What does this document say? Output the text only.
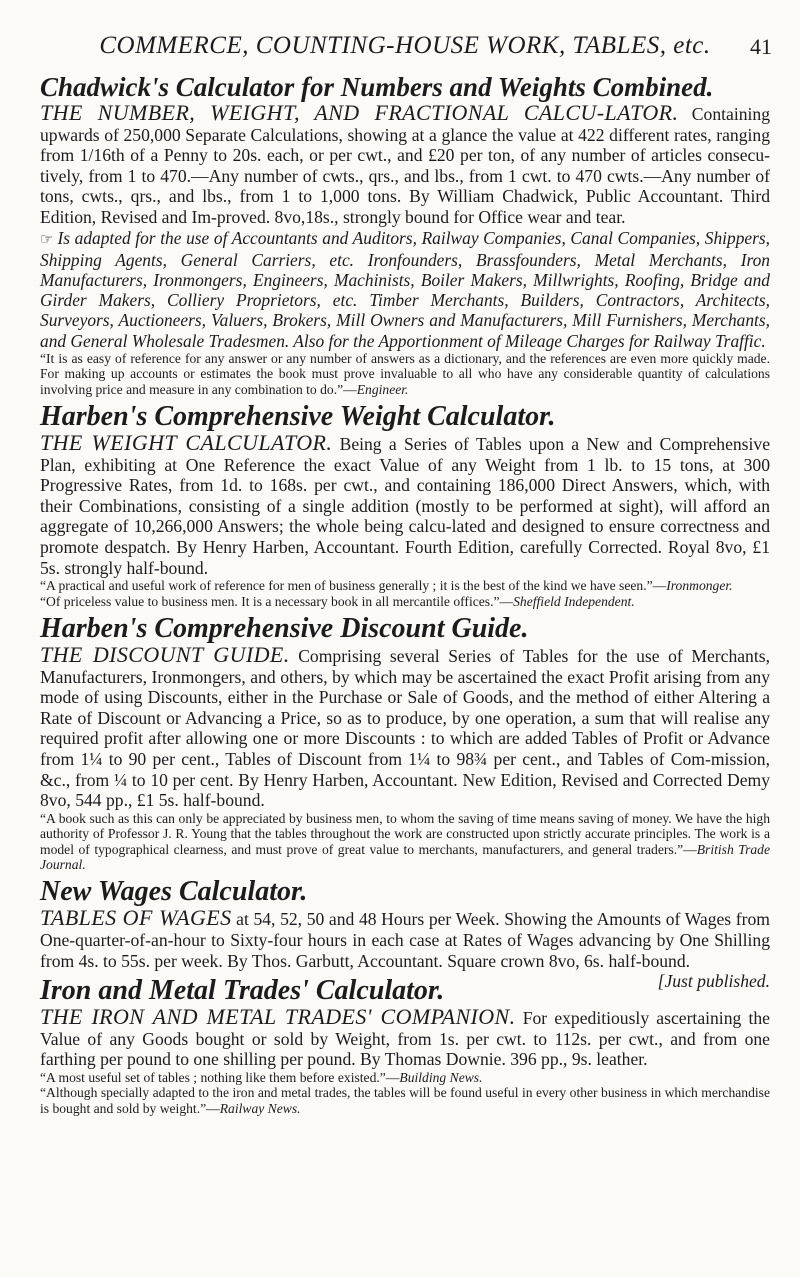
COMMERCE, COUNTING-HOUSE WORK, TABLES, etc.	41
Chadwick's Calculator for Numbers and Weights Combined.

THE NUMBER, WEIGHT, AND FRACTIONAL CALCU-LATOR. Containing upwards of 250,000 Separate Calculations, showing at a glance the value at 422 different rates, ranging from 1/16th of a Penny to 20s. each, or per cwt., and £20 per ton, of any number of articles consecu-tively, from 1 to 470.—Any number of cwts., qrs., and lbs., from 1 cwt. to 470 cwts.—Any number of tons, cwts., qrs., and lbs., from 1 to 1,000 tons. By William Chadwick, Public Accountant. Third Edition, Revised and Im-proved. 8vo,18s., strongly bound for Office wear and tear.

☞ Is adapted for the use of Accountants and Auditors, Railway Companies, Canal Companies, Shippers, Shipping Agents, General Carriers, etc. Ironfounders, Brassfounders, Metal Merchants, Iron Manufacturers, Ironmongers, Engineers, Machinists, Boiler Makers, Millwrights, Roofing, Bridge and Girder Makers, Colliery Proprietors, etc. Timber Merchants, Builders, Contractors, Architects, Surveyors, Auctioneers, Valuers, Brokers, Mill Owners and Manufacturers, Mill Furnishers, Merchants, and General Wholesale Tradesmen. Also for the Apportionment of Mileage Charges for Railway Traffic.

“It is as easy of reference for any answer or any number of answers as a dictionary, and the references are even more quickly made. For making up accounts or estimates the book must prove invaluable to all who have any considerable quantity of calculations involving price and measure in any combination to do.”—Engineer.

Harben's Comprehensive Weight Calculator.

THE WEIGHT CALCULATOR. Being a Series of Tables upon a New and Comprehensive Plan, exhibiting at One Reference the exact Value of any Weight from 1 lb. to 15 tons, at 300 Progressive Rates, from 1d. to 168s. per cwt., and containing 186,000 Direct Answers, which, with their Combinations, consisting of a single addition (mostly to be performed at sight), will afford an aggregate of 10,266,000 Answers; the whole being calcu-lated and designed to ensure correctness and promote despatch. By Henry Harben, Accountant. Fourth Edition, carefully Corrected. Royal 8vo, £1 5s. strongly half-bound.

“A practical and useful work of reference for men of business generally ; it is the best of the kind we have seen.”—Ironmonger.

“Of priceless value to business men. It is a necessary book in all mercantile offices.”—Sheffield Independent.

Harben's Comprehensive Discount Guide.

THE DISCOUNT GUIDE. Comprising several Series of Tables for the use of Merchants, Manufacturers, Ironmongers, and others, by which may be ascertained the exact Profit arising from any mode of using Discounts, either in the Purchase or Sale of Goods, and the method of either Altering a Rate of Discount or Advancing a Price, so as to produce, by one operation, a sum that will realise any required profit after allowing one or more Discounts : to which are added Tables of Profit or Advance from 1¼ to 90 per cent., Tables of Discount from 1¼ to 98¾ per cent., and Tables of Com-mission, &c., from ¼ to 10 per cent. By Henry Harben, Accountant. New Edition, Revised and Corrected Demy 8vo, 544 pp., £1 5s. half-bound.

“A book such as this can only be appreciated by business men, to whom the saving of time means saving of money. We have the high authority of Professor J. R. Young that the tables throughout the work are constructed upon strictly accurate principles. The work is a model of typographical clearness, and must prove of great value to merchants, manufacturers, and general traders.”—British Trade Journal.

New Wages Calculator.

TABLES OF WAGES at 54, 52, 50 and 48 Hours per Week. Showing the Amounts of Wages from One-quarter-of-an-hour to Sixty-four hours in each case at Rates of Wages advancing by One Shilling from 4s. to 55s. per week. By Thos. Garbutt, Accountant. Square crown 8vo, 6s. half-bound.
[Just published.

Iron and Metal Trades' Calculator.

THE IRON AND METAL TRADES' COMPANION. For expeditiously ascertaining the Value of any Goods bought or sold by Weight, from 1s. per cwt. to 112s. per cwt., and from one farthing per pound to one shilling per pound. By Thomas Downie. 396 pp., 9s. leather.

“A most useful set of tables ; nothing like them before existed.”—Building News.

“Although specially adapted to the iron and metal trades, the tables will be found useful in every other business in which merchandise is bought and sold by weight.”—Railway News.
